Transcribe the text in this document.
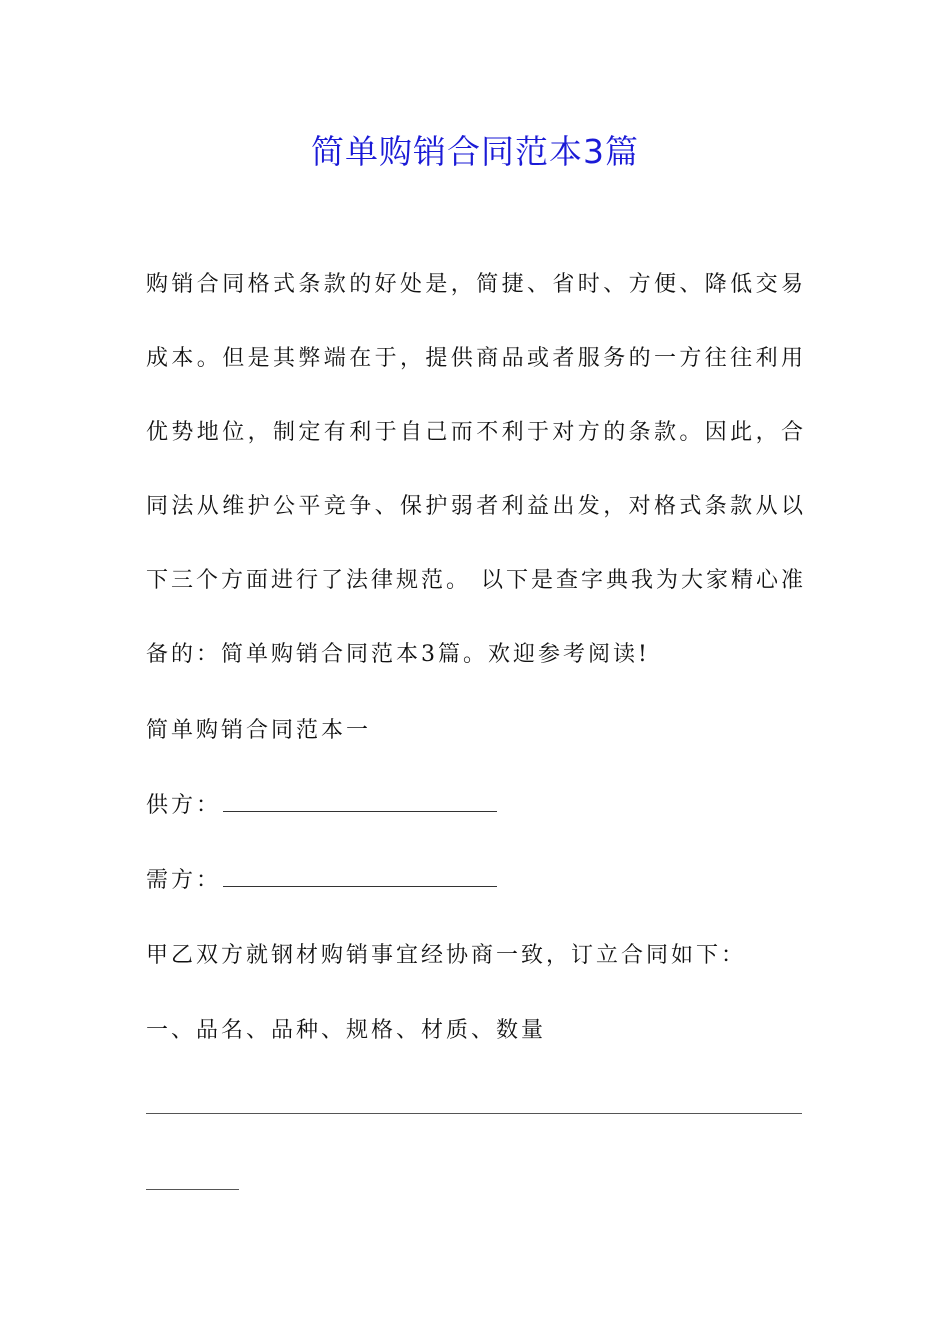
简单购销合同范本3篇

购销合同格式条款的好处是，简捷、省时、方便、降低交易成本。但是其弊端在于，提供商品或者服务的一方往往利用优势地位，制定有利于自己而不利于对方的条款。因此，合同法从维护公平竞争、保护弱者利益出发，对格式条款从以下三个方面进行了法律规范。 以下是查字典我为大家精心准备的：简单购销合同范本3篇。欢迎参考阅读!

简单购销合同范本一

供方：

需方：

甲乙双方就钢材购销事宜经协商一致，订立合同如下：

一、品名、品种、规格、材质、数量
